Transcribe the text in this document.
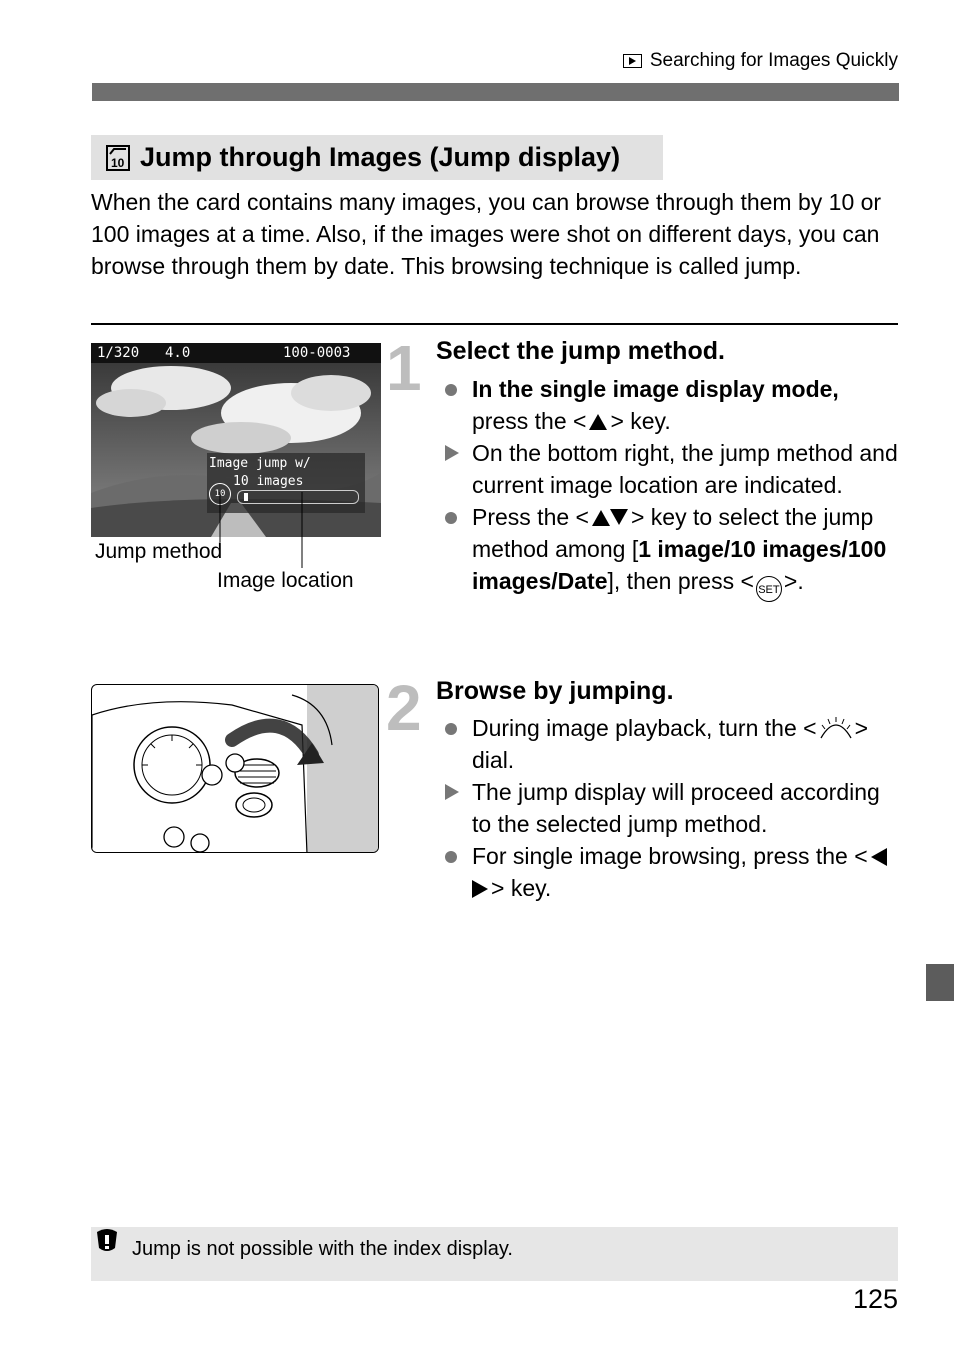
Searching for Images Quickly
10 Jump through Images (Jump display)

When the card contains many images, you can browse through them by 10 or 100 images at a time. Also, if the images were shot on different days, you can browse through them by date. This browsing technique is called jump.

1/320 4.0	100-0003
Image jump w/
10 images
10
Jump method
Image location
1 Select the jump method.
In the single image display mode,
press the < > key.
On the bottom right, the jump method and current image location are indicated.
Press the < > key to select the jump method among [1 image/10 images/100 images/Date], then press < SET >.
2 Browse by jumping.
During image playback, turn the < > dial.
The jump display will proceed according to the selected jump method.
For single image browsing, press the <> key.
Jump is not possible with the index display.
125
